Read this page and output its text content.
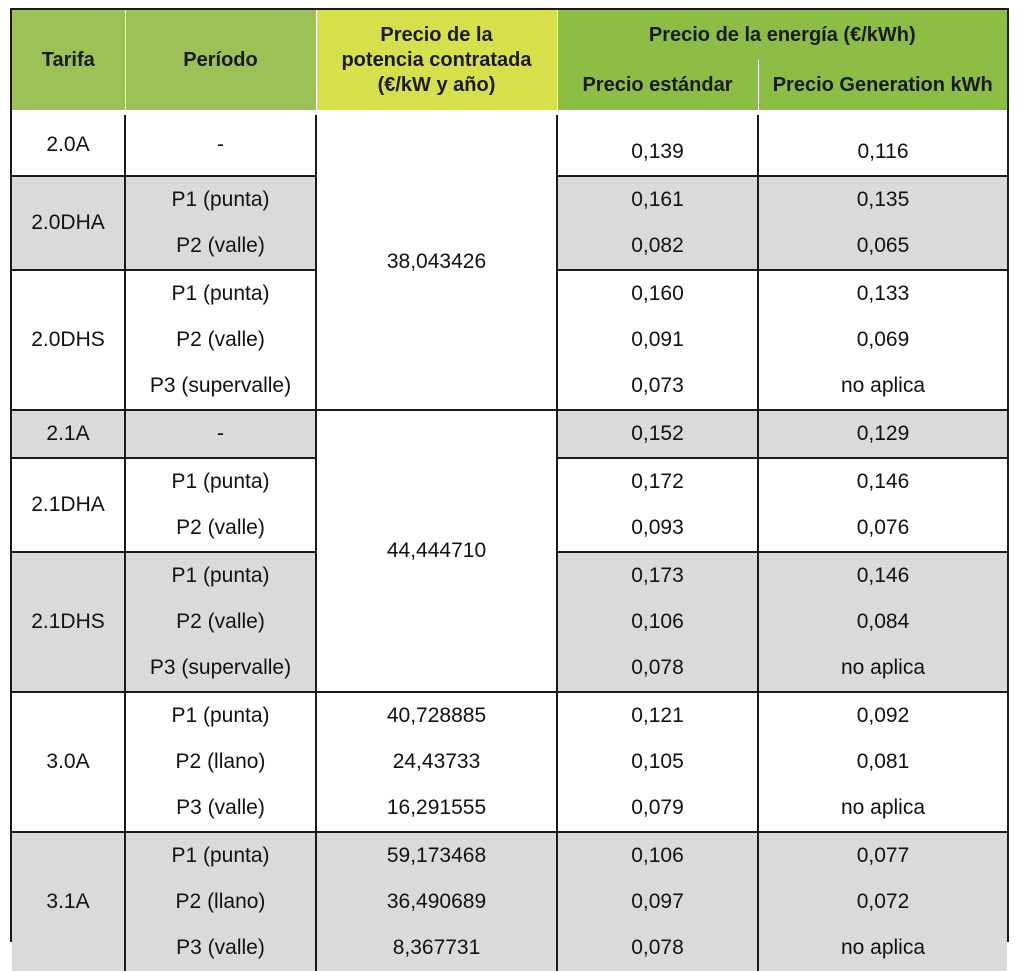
Tarifa	Período	Precio de la
potencia contratada
(€/kW y año)	Precio de la energía (€/kWh)	
			Precio estándar	Precio Generation kWh

2.0A	-	38,043426	0,139	0,116
2.0DHA	P1 (punta)		0,161	0,135
	P2 (valle)		0,082	0,065
2.0DHS	P1 (punta)		0,160	0,133
	P2 (valle)		0,091	0,069
	P3 (supervalle)		0,073	no aplica
2.1A	-	44,444710	0,152	0,129
2.1DHA	P1 (punta)		0,172	0,146
	P2 (valle)		0,093	0,076
2.1DHS	P1 (punta)		0,173	0,146
	P2 (valle)		0,106	0,084
	P3 (supervalle)		0,078	no aplica
3.0A	P1 (punta)	40,728885	0,121	0,092
	P2 (llano)	24,43733	0,105	0,081
	P3 (valle)	16,291555	0,079	no aplica
3.1A	P1 (punta)	59,173468	0,106	0,077
	P2 (llano)	36,490689	0,097	0,072
	P3 (valle)	8,367731	0,078	no aplica
